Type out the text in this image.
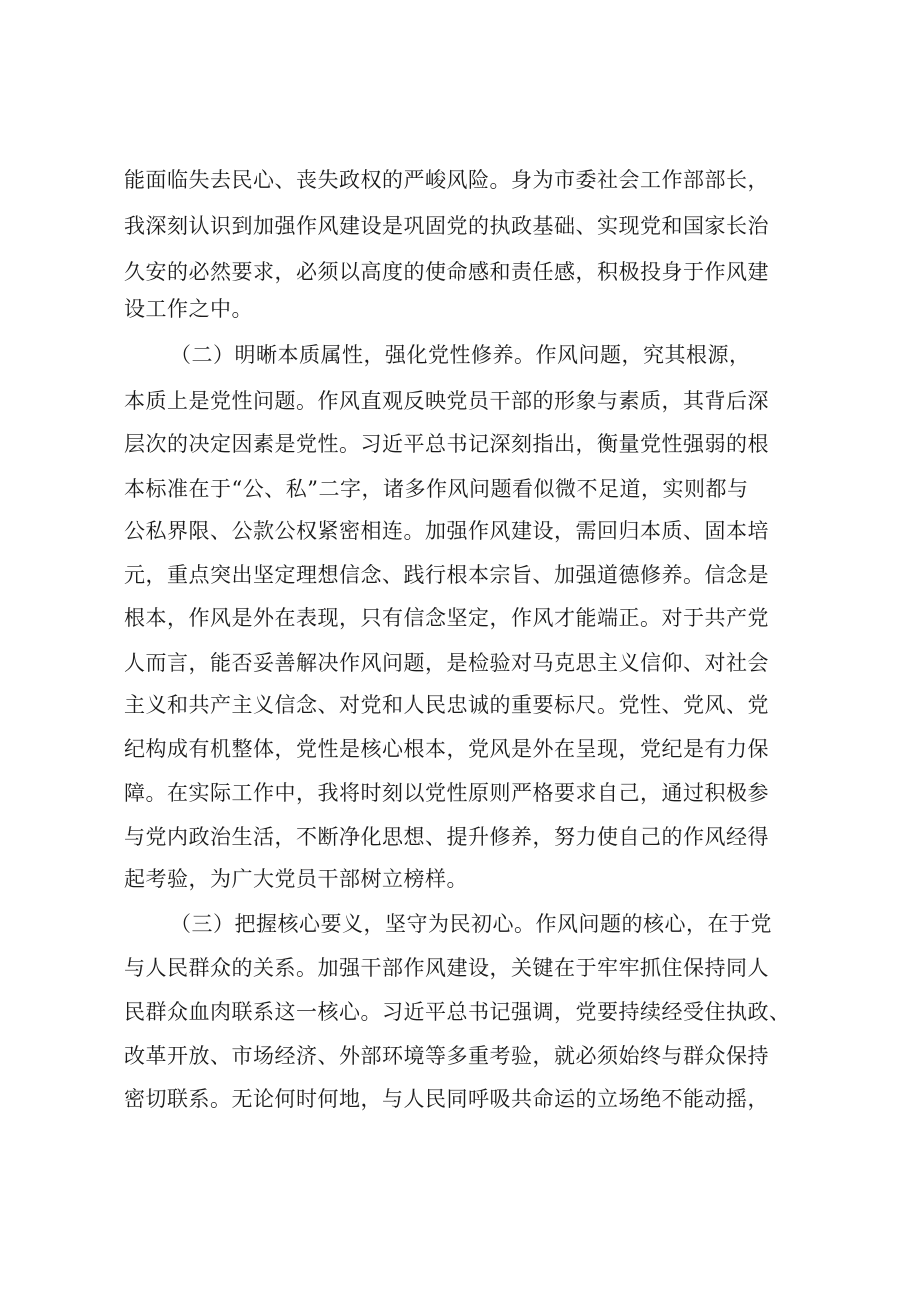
能面临失去民心、丧失政权的严峻风险。身为市委社会工作部部长，
我深刻认识到加强作风建设是巩固党的执政基础、实现党和国家长治
久安的必然要求，必须以高度的使命感和责任感，积极投身于作风建
设工作之中。
（二）明晰本质属性，强化党性修养。作风问题，究其根源，
本质上是党性问题。作风直观反映党员干部的形象与素质，其背后深
层次的决定因素是党性。习近平总书记深刻指出，衡量党性强弱的根
本标准在于“公、私”二字，诸多作风问题看似微不足道，实则都与
公私界限、公款公权紧密相连。加强作风建设，需回归本质、固本培
元，重点突出坚定理想信念、践行根本宗旨、加强道德修养。信念是
根本，作风是外在表现，只有信念坚定，作风才能端正。对于共产党
人而言，能否妥善解决作风问题，是检验对马克思主义信仰、对社会
主义和共产主义信念、对党和人民忠诚的重要标尺。党性、党风、党
纪构成有机整体，党性是核心根本，党风是外在呈现，党纪是有力保
障。在实际工作中，我将时刻以党性原则严格要求自己，通过积极参
与党内政治生活，不断净化思想、提升修养，努力使自己的作风经得
起考验，为广大党员干部树立榜样。
（三）把握核心要义，坚守为民初心。作风问题的核心，在于党
与人民群众的关系。加强干部作风建设，关键在于牢牢抓住保持同人
民群众血肉联系这一核心。习近平总书记强调，党要持续经受住执政、
改革开放、市场经济、外部环境等多重考验，就必须始终与群众保持
密切联系。无论何时何地，与人民同呼吸共命运的立场绝不能动摇，
